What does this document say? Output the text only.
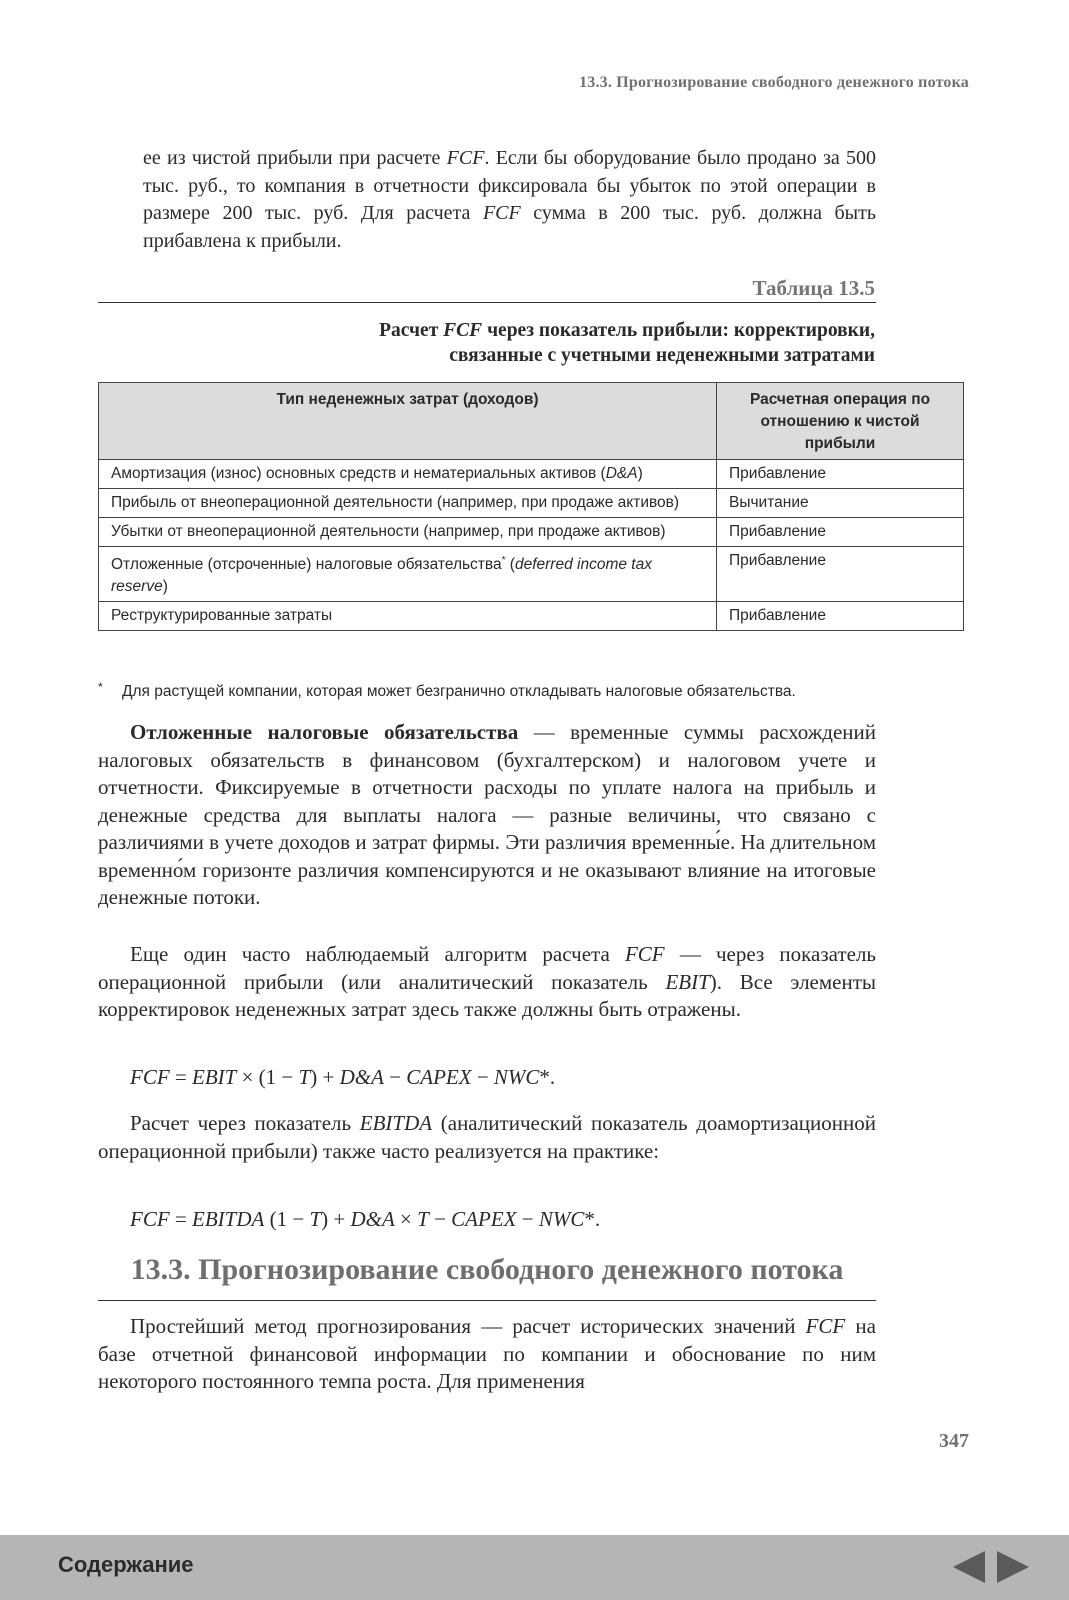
13.3. Прогнозирование свободного денежного потока

ее из чистой прибыли при расчете FCF. Если бы оборудование было продано за 500 тыс. руб., то компания в отчетности фиксировала бы убыток по этой операции в размере 200 тыс. руб. Для расчета FCF сумма в 200 тыс. руб. должна быть прибавлена к прибыли.

Таблица 13.5
Расчет FCF через показатель прибыли: корректировки,
связанные с учетными неденежными затратами
Тип неденежных затрат (доходов)	Расчетная операция по отношению к чистой прибыли
Амортизация (износ) основных средств и нематериальных активов (D&A)	Прибавление
Прибыль от внеоперационной деятельности (например, при продаже активов)	Вычитание
Убытки от внеоперационной деятельности (например, при продаже активов)	Прибавление
Отложенные (отсроченные) налоговые обязательства* (deferred income tax reserve)	Прибавление
Реструктурированные затраты	Прибавление
* Для растущей компании, которая может безгранично откладывать налоговые обязательства.

Отложенные налоговые обязательства — временные суммы расхождений налоговых обязательств в финансовом (бухгалтерском) и налоговом учете и отчетности. Фиксируемые в отчетности расходы по уплате налога на прибыль и денежные средства для выплаты налога — разные величины, что связано с различиями в учете доходов и затрат фирмы. Эти различия временные. На длительном временном горизонте различия компенсируются и не оказывают влияние на итоговые денежные потоки.

Еще один часто наблюдаемый алгоритм расчета FCF — через показатель операционной прибыли (или аналитический показатель EBIT). Все элементы корректировок неденежных затрат здесь также должны быть отражены.

FCF = EBIT × (1 − T) + D&A − CAPEX − NWC*.

Расчет через показатель EBITDA (аналитический показатель доамортизационной операционной прибыли) также часто реализуется на практике:

FCF = EBITDA (1 − T) + D&A × T − CAPEX − NWC*.
13.3. Прогнозирование свободного денежного потока

Простейший метод прогнозирования — расчет исторических значений FCF на базе отчетной финансовой информации по компании и обоснование по ним некоторого постоянного темпа роста. Для применения

347
Содержание
